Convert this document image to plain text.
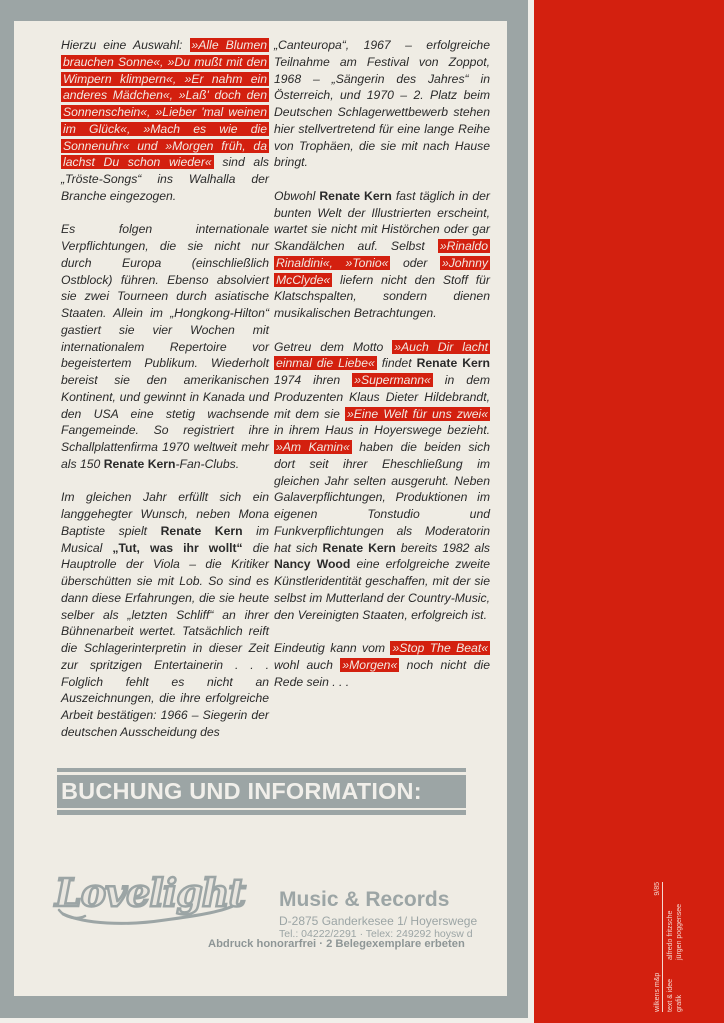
Hierzu eine Auswahl: »Alle Blumen brauchen Sonne«, »Du mußt mit den Wimpern klimpern«, »Er nahm ein anderes Mädchen«, »Laß' doch den Sonnenschein«, »Lieber 'mal weinen im Glück«, »Mach es wie die Sonnenuhr« und »Morgen früh, da lachst Du schon wieder« sind als „Tröste-Songs“ ins Walhalla der Branche eingezogen.

Es folgen internationale Verpflichtungen, die sie nicht nur durch Europa (einschließlich Ostblock) führen. Ebenso absolviert sie zwei Tourneen durch asiatische Staaten. Allein im „Hongkong-Hilton“ gastiert sie vier Wochen mit internationalem Repertoire vor begeistertem Publikum. Wiederholt bereist sie den amerikanischen Kontinent, und gewinnt in Kanada und den USA eine stetig wachsende Fangemeinde. So registriert ihre Schallplattenfirma 1970 weltweit mehr als 150 Renate Kern-Fan-Clubs.

Im gleichen Jahr erfüllt sich ein langgehegter Wunsch, neben Mona Baptiste spielt Renate Kern im Musical „Tut, was ihr wollt“ die Hauptrolle der Viola – die Kritiker überschütten sie mit Lob. So sind es dann diese Erfahrungen, die sie heute selber als „letzten Schliff“ an ihrer Bühnenarbeit wertet. Tatsächlich reift die Schlagerinterpretin in dieser Zeit zur spritzigen Entertainerin . . . Folglich fehlt es nicht an Auszeichnungen, die ihre erfolgreiche Arbeit bestätigen: 1966 – Siegerin der deutschen Ausscheidung des

„Canteuropa“, 1967 – erfolgreiche Teilnahme am Festival von Zoppot, 1968 – „Sängerin des Jahres“ in Österreich, und 1970 – 2. Platz beim Deutschen Schlagerwettbewerb stehen hier stellvertretend für eine lange Reihe von Trophäen, die sie mit nach Hause bringt.

Obwohl Renate Kern fast täglich in der bunten Welt der Illustrierten erscheint, wartet sie nicht mit Histörchen oder gar Skandälchen auf. Selbst »Rinaldo Rinaldini«, »Tonio« oder »Johnny McClyde« liefern nicht den Stoff für Klatschspalten, sondern dienen musikalischen Betrachtungen.

Getreu dem Motto »Auch Dir lacht einmal die Liebe« findet Renate Kern 1974 ihren »Supermann« in dem Produzenten Klaus Dieter Hildebrandt, mit dem sie »Eine Welt für uns zwei« in ihrem Haus in Hoyerswege bezieht. »Am Kamin« haben die beiden sich dort seit ihrer Eheschließung im gleichen Jahr selten ausgeruht. Neben Galaverpflichtungen, Produktionen im eigenen Tonstudio und Funkverpflichtungen als Moderatorin hat sich Renate Kern bereits 1982 als Nancy Wood eine erfolgreiche zweite Künstleridentität geschaffen, mit der sie selbst im Mutterland der Country-Music, den Vereinigten Staaten, erfolgreich ist.

Eindeutig kann vom »Stop The Beat« wohl auch »Morgen« noch nicht die Rede sein . . .

BUCHUNG UND INFORMATION:
Lovelight Music & Records
D-2875 Ganderkesee 1/ Hoyerswege
Tel.: 04222/2291 · Telex: 249292 hoysw d
Abdruck honorarfrei · 2 Belegexemplare erbeten
wilkens m&p
9/85
text & idee
alfredo fritzsche
grafik
jürgen poggensee
